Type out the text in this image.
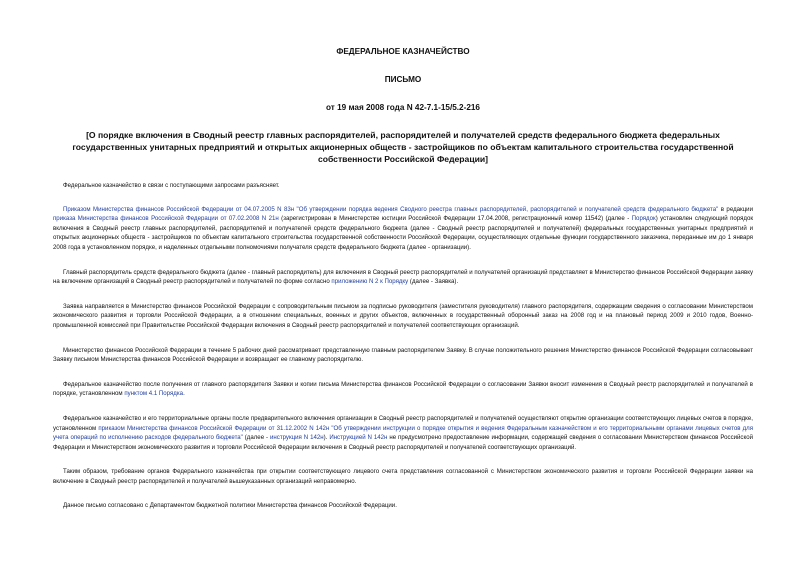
ФЕДЕРАЛЬНОЕ КАЗНАЧЕЙСТВО

ПИСЬМО

от 19 мая 2008 года N 42-7.1-15/5.2-216

[О порядке включения в Сводный реестр главных распорядителей, распорядителей и получателей средств федерального бюджета федеральных государственных унитарных предприятий и открытых акционерных обществ - застройщиков по объектам капитального строительства государственной собственности Российской Федерации]

Федеральное казначейство в связи с поступающими запросами разъясняет.

Приказом Министерства финансов Российской Федерации от 04.07.2005 N 83н "Об утверждении порядка ведения Сводного реестра главных распорядителей, распорядителей и получателей средств федерального бюджета" в редакции приказа Министерства финансов Российской Федерации от 07.02.2008 N 21н (зарегистрирован в Министерстве юстиции Российской Федерации 17.04.2008, регистрационный номер 11542) (далее - Порядок) установлен следующий порядок включения в Сводный реестр главных распорядителей, распорядителей и получателей средств федерального бюджета (далее - Сводный реестр распорядителей и получателей) федеральных государственных унитарных предприятий и открытых акционерных обществ - застройщиков по объектам капитального строительства государственной собственности Российской Федерации, осуществляющих отдельные функции государственного заказчика, переданные им до 1 января 2008 года в установленном порядке, и наделенных отдельными полномочиями получателя средств федерального бюджета (далее - организации).

Главный распорядитель средств федерального бюджета (далее - главный распорядитель) для включения в Сводный реестр распорядителей и получателей организаций представляет в Министерство финансов Российской Федерации заявку на включение организаций в Сводный реестр распорядителей и получателей по форме согласно приложению N 2 к Порядку (далее - Заявка).

Заявка направляется в Министерство финансов Российской Федерации с сопроводительным письмом за подписью руководителя (заместителя руководителя) главного распорядителя, содержащим сведения о согласовании Министерством экономического развития и торговли Российской Федерации, а в отношении специальных, военных и других объектов, включенных в государственный оборонный заказ на 2008 год и на плановый период 2009 и 2010 годов, Военно-промышленной комиссией при Правительстве Российской Федерации включения в Сводный реестр распорядителей и получателей соответствующих организаций.

Министерство финансов Российской Федерации в течение 5 рабочих дней рассматривает представленную главным распорядителем Заявку. В случае положительного решения Министерство финансов Российской Федерации согласовывает Заявку письмом Министерства финансов Российской Федерации и возвращает ее главному распорядителю.

Федеральное казначейство после получения от главного распорядителя Заявки и копии письма Министерства финансов Российской Федерации о согласовании Заявки вносит изменения в Сводный реестр распорядителей и получателей в порядке, установленном пунктом 4.1 Порядка.

Федеральное казначейство и его территориальные органы после предварительного включения организации в Сводный реестр распорядителей и получателей осуществляют открытие организации соответствующих лицевых счетов в порядке, установленном приказом Министерства финансов Российской Федерации от 31.12.2002 N 142н "Об утверждении инструкции о порядке открытия и ведения Федеральным казначейством и его территориальными органами лицевых счетов для учета операций по исполнению расходов федерального бюджета" (далее - инструкция N 142н). Инструкцией N 142н не предусмотрено предоставление информации, содержащей сведения о согласовании Министерством финансов Российской Федерации и Министерством экономического развития и торговли Российской Федерации включения в Сводный реестр распорядителей и получателей соответствующих организаций.

Таким образом, требование органов Федерального казначейства при открытии соответствующего лицевого счета представления согласованной с Министерством экономического развития и торговли Российской Федерации заявки на включение в Сводный реестр распорядителей и получателей вышеуказанных организаций неправомерно.

Данное письмо согласовано с Департаментом бюджетной политики Министерства финансов Российской Федерации.
